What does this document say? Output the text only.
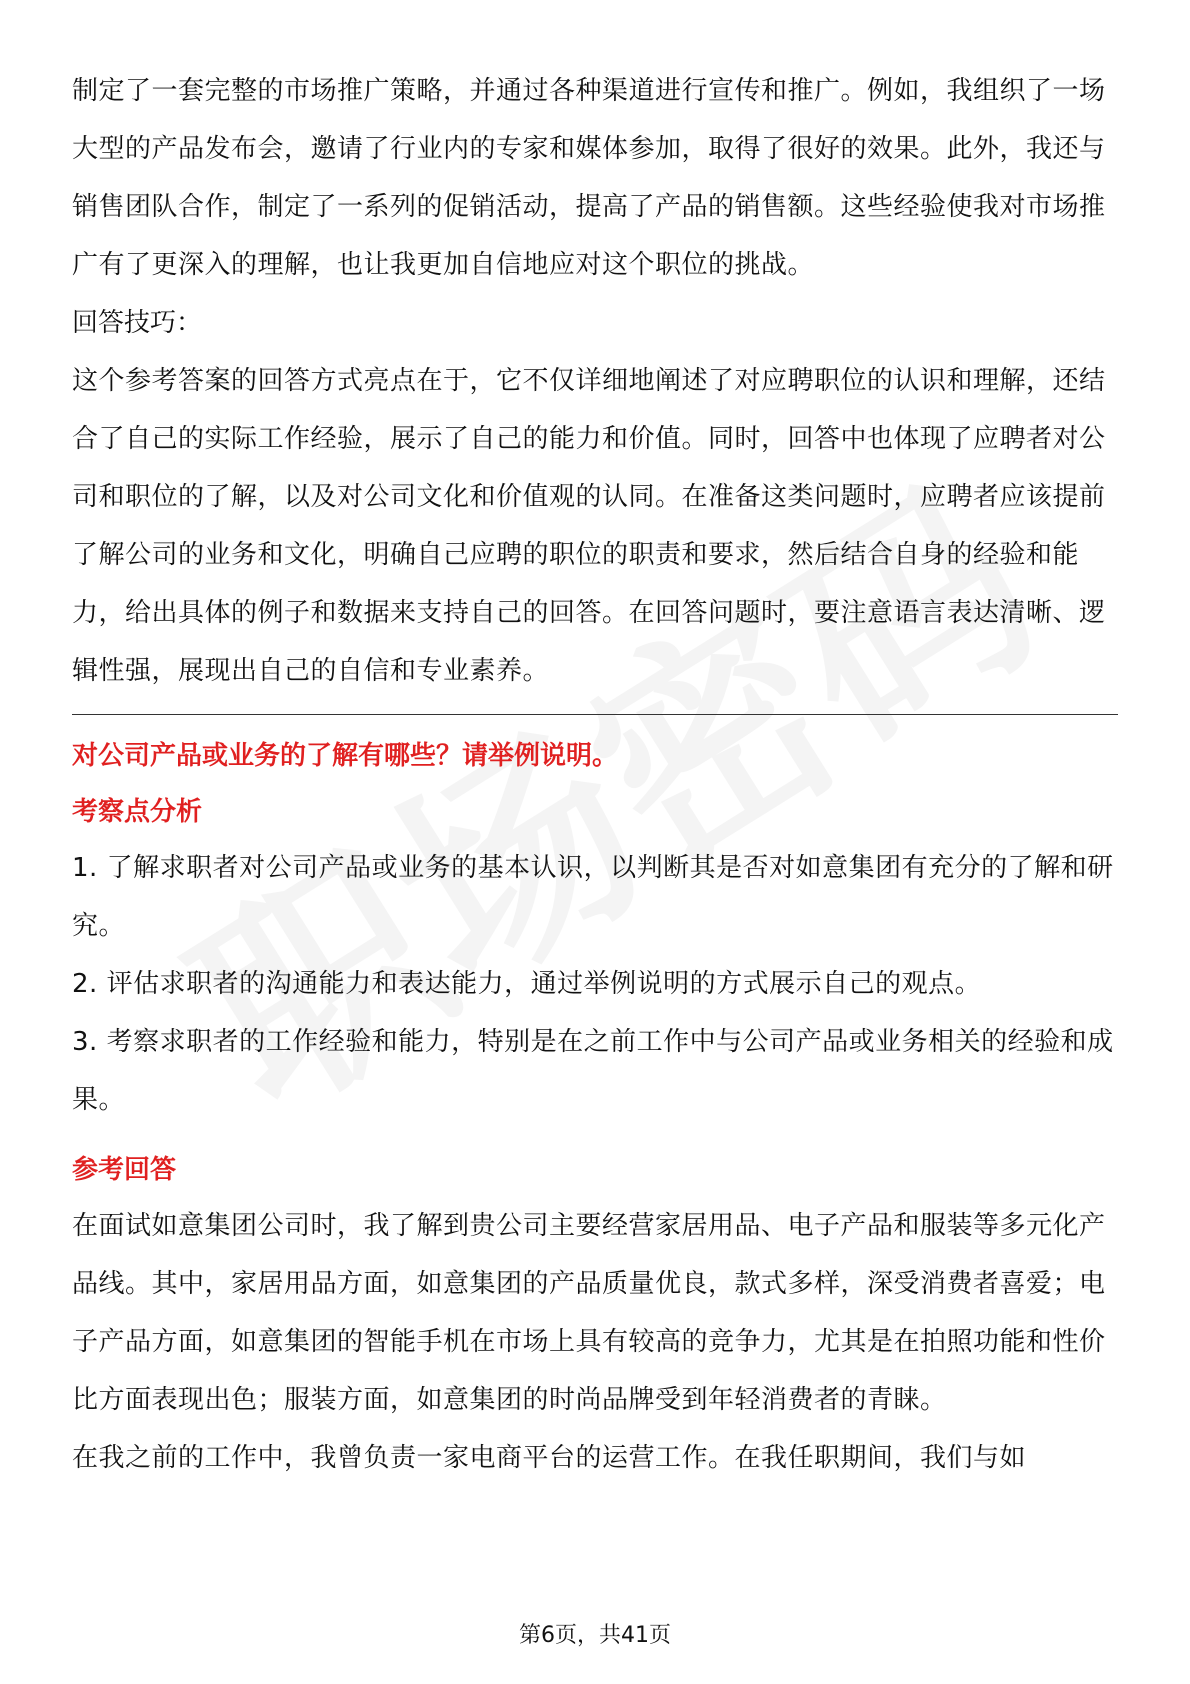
制定了一套完整的市场推广策略，并通过各种渠道进行宣传和推广。例如，我组织了一场大型的产品发布会，邀请了行业内的专家和媒体参加，取得了很好的效果。此外，我还与销售团队合作，制定了一系列的促销活动，提高了产品的销售额。这些经验使我对市场推广有了更深入的理解，也让我更加自信地应对这个职位的挑战。

回答技巧：

这个参考答案的回答方式亮点在于，它不仅详细地阐述了对应聘职位的认识和理解，还结合了自己的实际工作经验，展示了自己的能力和价值。同时，回答中也体现了应聘者对公司和职位的了解，以及对公司文化和价值观的认同。在准备这类问题时，应聘者应该提前了解公司的业务和文化，明确自己应聘的职位的职责和要求，然后结合自身的经验和能力，给出具体的例子和数据来支持自己的回答。在回答问题时，要注意语言表达清晰、逻辑性强，展现出自己的自信和专业素养。

对公司产品或业务的了解有哪些？请举例说明。

考察点分析

1. 了解求职者对公司产品或业务的基本认识，以判断其是否对如意集团有充分的了解和研究。

2. 评估求职者的沟通能力和表达能力，通过举例说明的方式展示自己的观点。

3. 考察求职者的工作经验和能力，特别是在之前工作中与公司产品或业务相关的经验和成果。

参考回答

在面试如意集团公司时，我了解到贵公司主要经营家居用品、电子产品和服装等多元化产品线。其中，家居用品方面，如意集团的产品质量优良，款式多样，深受消费者喜爱；电子产品方面，如意集团的智能手机在市场上具有较高的竞争力，尤其是在拍照功能和性价比方面表现出色；服装方面，如意集团的时尚品牌受到年轻消费者的青睐。

在我之前的工作中，我曾负责一家电商平台的运营工作。在我任职期间，我们与如

第6页，共41页
